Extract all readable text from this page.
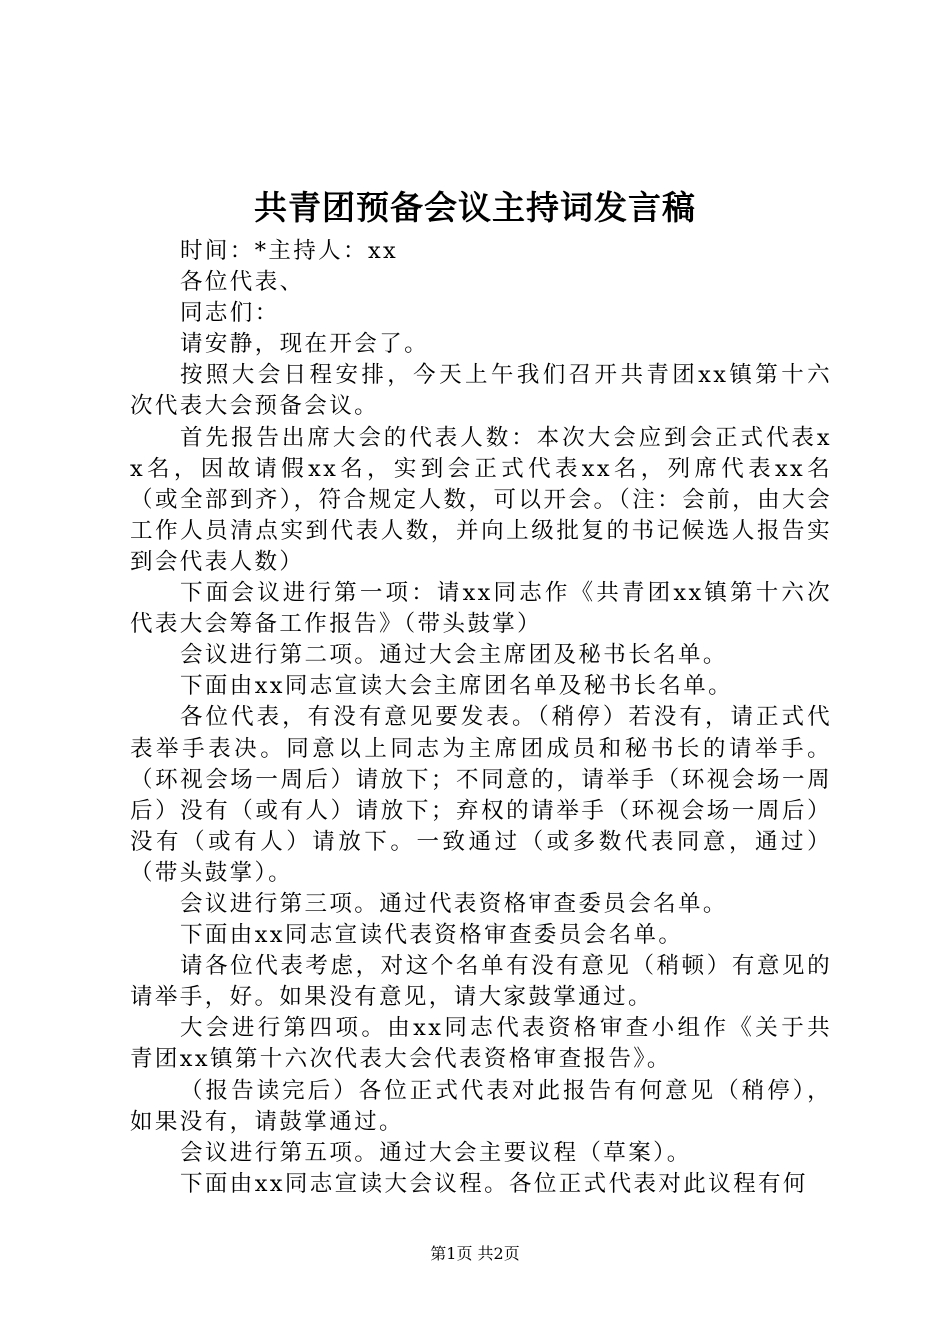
共青团预备会议主持词发言稿

时间：*主持人：xx

各位代表、

同志们：

请安静，现在开会了。

按照大会日程安排，今天上午我们召开共青团xx镇第十六次代表大会预备会议。

首先报告出席大会的代表人数：本次大会应到会正式代表xx名，因故请假xx名，实到会正式代表xx名，列席代表xx名（或全部到齐），符合规定人数，可以开会。（注：会前，由大会工作人员清点实到代表人数，并向上级批复的书记候选人报告实到会代表人数）

下面会议进行第一项：请xx同志作《共青团xx镇第十六次代表大会筹备工作报告》（带头鼓掌）

会议进行第二项。通过大会主席团及秘书长名单。

下面由xx同志宣读大会主席团名单及秘书长名单。

各位代表，有没有意见要发表。（稍停）若没有，请正式代表举手表决。同意以上同志为主席团成员和秘书长的请举手。（环视会场一周后）请放下；不同意的，请举手（环视会场一周后）没有（或有人）请放下；弃权的请举手（环视会场一周后）没有（或有人）请放下。一致通过（或多数代表同意，通过）（带头鼓掌）。

会议进行第三项。通过代表资格审查委员会名单。

下面由xx同志宣读代表资格审查委员会名单。

请各位代表考虑，对这个名单有没有意见（稍顿）有意见的请举手，好。如果没有意见，请大家鼓掌通过。

大会进行第四项。由xx同志代表资格审查小组作《关于共青团xx镇第十六次代表大会代表资格审查报告》。

（报告读完后）各位正式代表对此报告有何意见（稍停），如果没有，请鼓掌通过。

会议进行第五项。通过大会主要议程（草案）。

下面由xx同志宣读大会议程。各位正式代表对此议程有何

第1页 共2页
